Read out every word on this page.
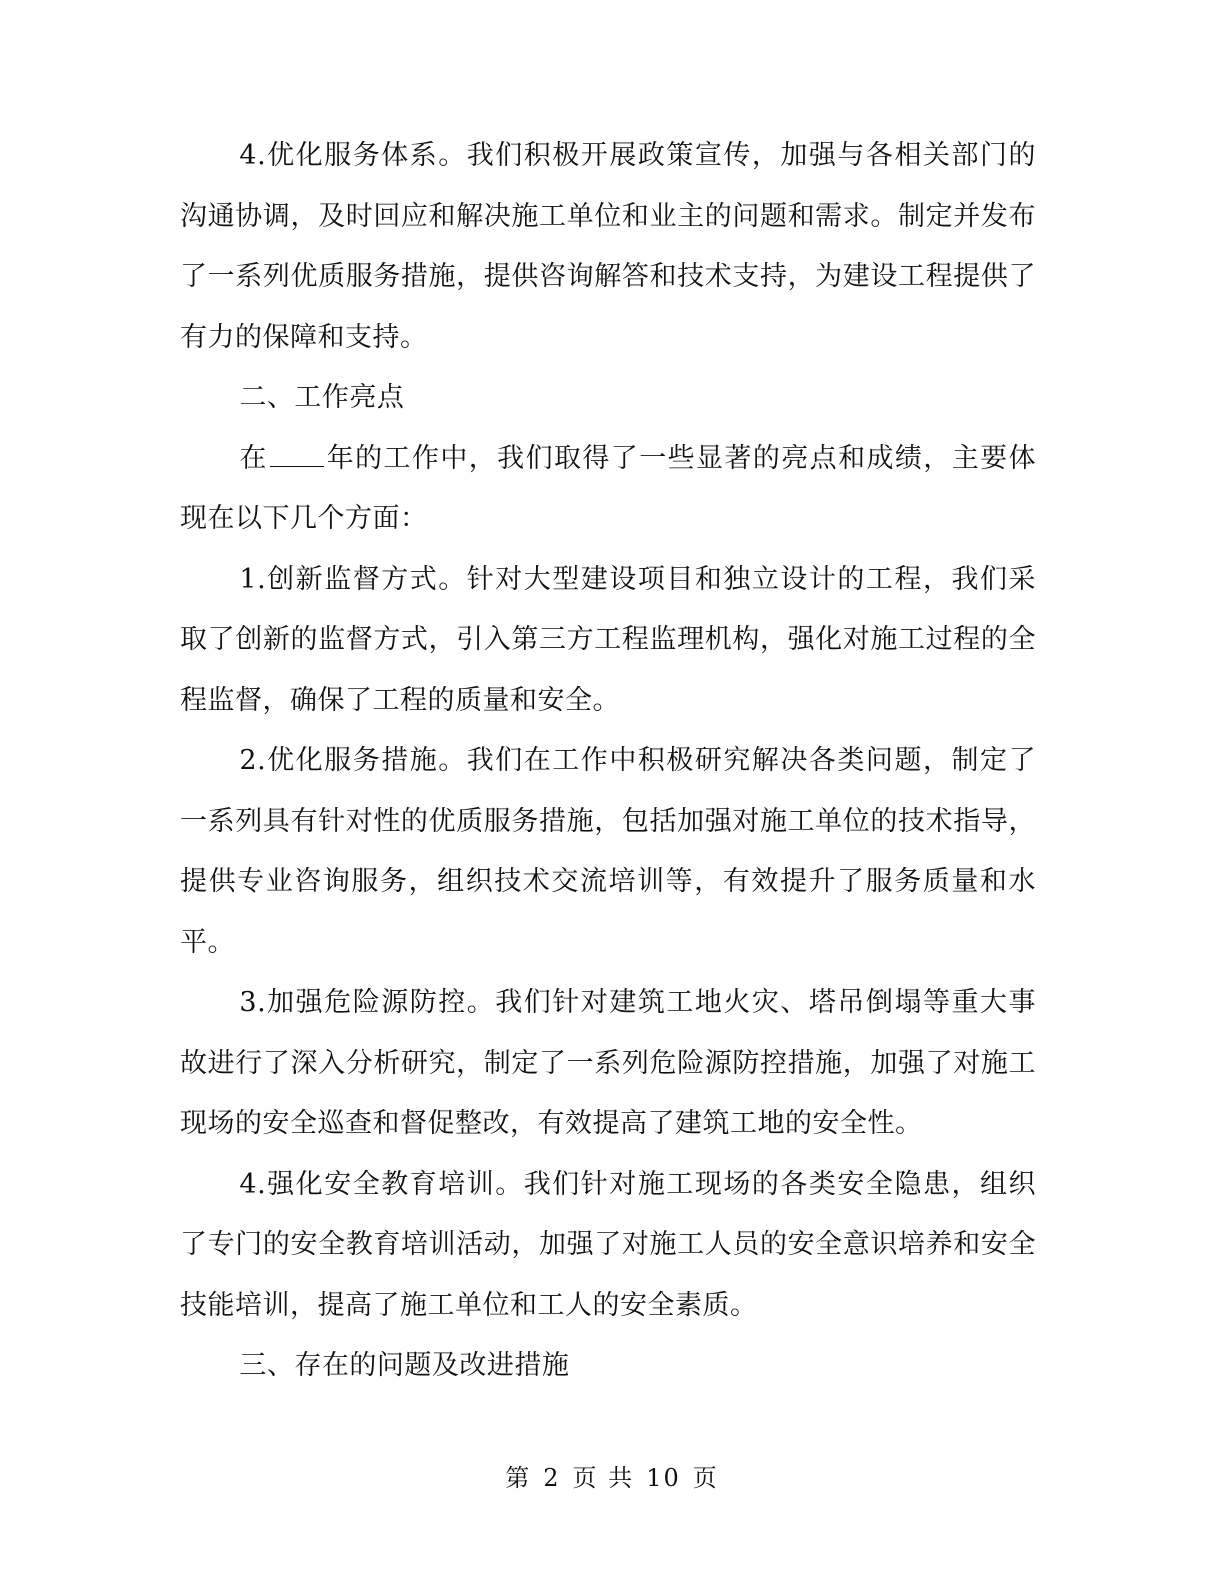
4.优化服务体系。我们积极开展政策宣传，加强与各相关部门的沟通协调，及时回应和解决施工单位和业主的问题和需求。制定并发布了一系列优质服务措施，提供咨询解答和技术支持，为建设工程提供了有力的保障和支持。

二、工作亮点

在 年的工作中，我们取得了一些显著的亮点和成绩，主要体现在以下几个方面：

1.创新监督方式。针对大型建设项目和独立设计的工程，我们采取了创新的监督方式，引入第三方工程监理机构，强化对施工过程的全程监督，确保了工程的质量和安全。

2.优化服务措施。我们在工作中积极研究解决各类问题，制定了一系列具有针对性的优质服务措施，包括加强对施工单位的技术指导，提供专业咨询服务，组织技术交流培训等，有效提升了服务质量和水平。

3.加强危险源防控。我们针对建筑工地火灾、塔吊倒塌等重大事故进行了深入分析研究，制定了一系列危险源防控措施，加强了对施工现场的安全巡查和督促整改，有效提高了建筑工地的安全性。

4.强化安全教育培训。我们针对施工现场的各类安全隐患，组织了专门的安全教育培训活动，加强了对施工人员的安全意识培养和安全技能培训，提高了施工单位和工人的安全素质。

三、存在的问题及改进措施

第 2 页 共 10 页
